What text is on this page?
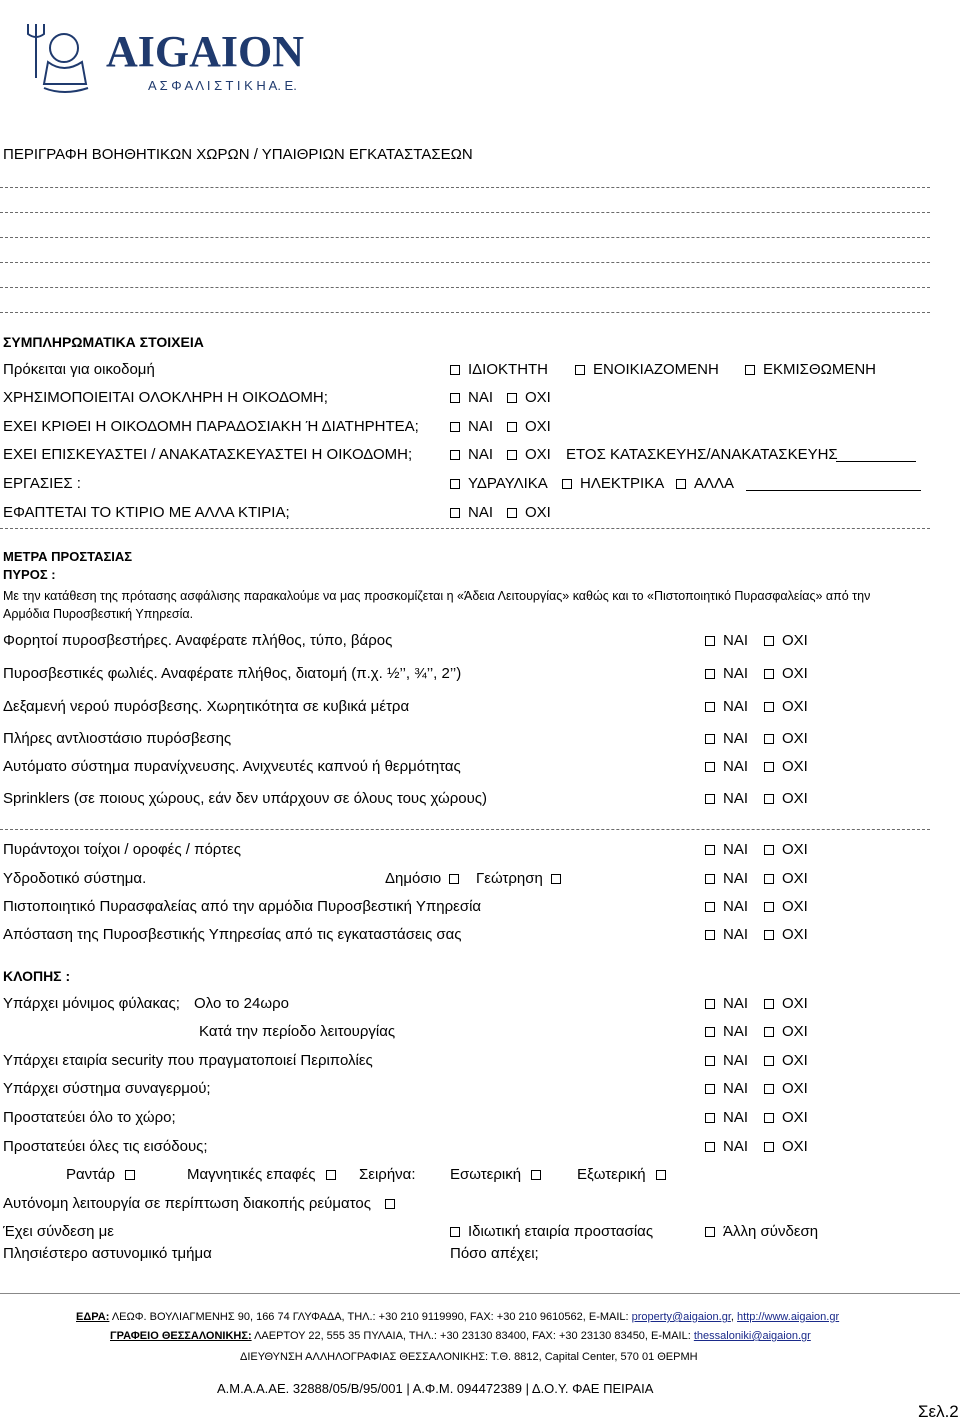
AIGAION
Α Σ Φ Α Λ Ι Σ Τ Ι Κ Η Α. Ε.
ΠΕΡΙΓΡΑΦΗ ΒΟΗΘΗΤΙΚΩΝ ΧΩΡΩΝ / ΥΠΑΙΘΡΙΩΝ ΕΓΚΑΤΑΣΤΑΣΕΩΝ
ΣΥΜΠΛΗΡΩΜΑΤΙΚΑ ΣΤΟΙΧΕΙΑ
Πρόκειται για οικοδομή	ΙΔΙΟΚΤΗΤΗ	ΕΝΟΙΚΙΑΖΟΜΕΝΗ	ΕΚΜΙΣΘΩΜΕΝΗ
ΧΡΗΣΙΜΟΠΟΙΕΙΤΑΙ ΟΛΟΚΛΗΡΗ Η ΟΙΚΟΔΟΜΗ;	ΝΑΙ	ΟΧΙ
ΕΧΕΙ ΚΡΙΘΕΙ Η ΟΙΚΟΔΟΜΗ ΠΑΡΑΔΟΣΙΑΚΗ Ή ΔΙΑΤΗΡΗΤΕΑ;	ΝΑΙ	ΟΧΙ
ΕΧΕΙ ΕΠΙΣΚΕΥΑΣΤΕΙ / ΑΝΑΚΑΤΑΣΚΕΥΑΣΤΕΙ Η ΟΙΚΟΔΟΜΗ;	ΝΑΙ	ΟΧΙ ΕΤΟΣ ΚΑΤΑΣΚΕΥΗΣ/ΑΝΑΚΑΤΑΣΚΕΥΗΣ
ΕΡΓΑΣΙΕΣ :	ΥΔΡΑΥΛΙΚΑ	ΗΛΕΚΤΡΙΚΑ	ΑΛΛΑ
ΕΦΑΠΤΕΤΑΙ ΤΟ ΚΤΙΡΙΟ ΜΕ ΑΛΛΑ ΚΤΙΡΙΑ;	ΝΑΙ	ΟΧΙ
ΜΕΤΡΑ ΠΡΟΣΤΑΣΙΑΣ
ΠΥΡΟΣ :
Με την κατάθεση της πρότασης ασφάλισης παρακαλούμε να μας προσκομίζεται η «Άδεια Λειτουργίας» καθώς και το «Πιστοποιητικό Πυρασφαλείας» από την
Αρμόδια Πυροσβεστική Υπηρεσία.
Φορητοί πυροσβεστήρες. Αναφέρατε πλήθος, τύπο, βάρος	ΝΑΙ	ΟΧΙ
Πυροσβεστικές φωλιές. Αναφέρατε πλήθος, διατομή (π.χ. ½’’, ¾’’, 2’’)	ΝΑΙ	ΟΧΙ
Δεξαμενή νερού πυρόσβεσης. Χωρητικότητα σε κυβικά μέτρα	ΝΑΙ	ΟΧΙ
Πλήρες αντλιοστάσιο πυρόσβεσης	ΝΑΙ	ΟΧΙ
Αυτόματο σύστημα πυρανίχνευσης. Ανιχνευτές καπνού ή θερμότητας	ΝΑΙ	ΟΧΙ
Sprinklers (σε ποιους χώρους, εάν δεν υπάρχουν σε όλους τους χώρους)	ΝΑΙ	ΟΧΙ
Πυράντοχοι τοίχοι / οροφές / πόρτες	ΝΑΙ	ΟΧΙ
Υδροδοτικό σύστημα.	Δημόσιο	Γεώτρηση	ΝΑΙ	ΟΧΙ
Πιστοποιητικό Πυρασφαλείας από την αρμόδια Πυροσβεστική Υπηρεσία	ΝΑΙ	ΟΧΙ
Απόσταση της Πυροσβεστικής Υπηρεσίας από τις εγκαταστάσεις σας	ΝΑΙ	ΟΧΙ
ΚΛΟΠΗΣ :
Υπάρχει μόνιμος φύλακας; Ολο το 24ωρο	ΝΑΙ	ΟΧΙ
Κατά την περίοδο λειτουργίας	ΝΑΙ	ΟΧΙ
Υπάρχει εταιρία security που πραγματοποιεί Περιπολίες	ΝΑΙ	ΟΧΙ
Υπάρχει σύστημα συναγερμού;	ΝΑΙ	ΟΧΙ
Προστατεύει όλο το χώρο;	ΝΑΙ	ΟΧΙ
Προστατεύει όλες τις εισόδους;	ΝΑΙ	ΟΧΙ
Ραντάρ	Μαγνητικές επαφές	Σειρήνα: Εσωτερική	Εξωτερική
Αυτόνομη λειτουργία σε περίπτωση διακοπής ρεύματος
Έχει σύνδεση με	Ιδιωτική εταιρία προστασίας	Άλλη σύνδεση
Πλησιέστερο αστυνομικό τμήμα	Πόσο απέχει;
ΕΔΡΑ: ΛΕΩΦ. ΒΟΥΛΙΑΓΜΕΝΗΣ 90, 166 74 ΓΛΥΦΑΔΑ, ΤΗΛ.: +30 210 9119990, FAX: +30 210 9610562, E-MAIL: property@aigaion.gr, http://www.aigaion.gr
ΓΡΑΦΕΙΟ ΘΕΣΣΑΛΟΝΙΚΗΣ: ΛΑΕΡΤΟΥ 22, 555 35 ΠΥΛΑΙΑ, ΤΗΛ.: +30 23130 83400, FAX: +30 23130 83450, E-MAIL: thessaloniki@aigaion.gr
ΔΙΕΥΘΥΝΣΗ ΑΛΛΗΛΟΓΡΑΦΙΑΣ ΘΕΣΣΑΛΟΝΙΚΗΣ: Τ.Θ. 8812, Capital Center, 570 01 ΘΕΡΜΗ
Α.Μ.Α.Α.ΑΕ. 32888/05/Β/95/001 | Α.Φ.Μ. 094472389 | Δ.Ο.Υ. ΦΑΕ ΠΕΙΡΑΙΑ
Σελ.2
